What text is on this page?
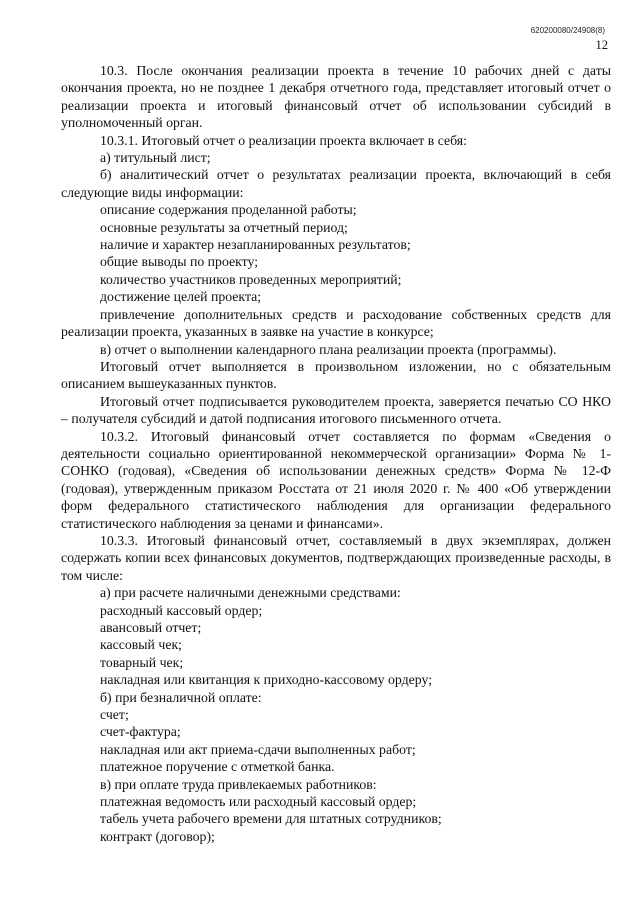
620200080/24908(8)
12

10.3. После окончания реализации проекта в течение 10 рабочих дней с даты окончания проекта, но не позднее 1 декабря отчетного года, представляет итоговый отчет о реализации проекта и итоговый финансовый отчет об использовании субсидий в уполномоченный орган.

10.3.1. Итоговый отчет о реализации проекта включает в себя:

а) титульный лист;

б) аналитический отчет о результатах реализации проекта, включающий в себя следующие виды информации:

описание содержания проделанной работы;

основные результаты за отчетный период;

наличие и характер незапланированных результатов;

общие выводы по проекту;

количество участников проведенных мероприятий;

достижение целей проекта;

привлечение дополнительных средств и расходование собственных средств для реализации проекта, указанных в заявке на участие в конкурсе;

в) отчет о выполнении календарного плана реализации проекта (программы).

Итоговый отчет выполняется в произвольном изложении, но с обязательным описанием вышеуказанных пунктов.

Итоговый отчет подписывается руководителем проекта, заверяется печатью СО НКО – получателя субсидий и датой подписания итогового письменного отчета.

10.3.2. Итоговый финансовый отчет составляется по формам «Сведения о деятельности социально ориентированной некоммерческой организации» Форма № 1-СОНКО (годовая), «Сведения об использовании денежных средств» Форма № 12-Ф (годовая), утвержденным приказом Росстата от 21 июля 2020 г. № 400 «Об утверждении форм федерального статистического наблюдения для организации федерального статистического наблюдения за ценами и финансами».

10.3.3. Итоговый финансовый отчет, составляемый в двух экземплярах, должен содержать копии всех финансовых документов, подтверждающих произведенные расходы, в том числе:

а) при расчете наличными денежными средствами:

расходный кассовый ордер;

авансовый отчет;

кассовый чек;

товарный чек;

накладная или квитанция к приходно-кассовому ордеру;

б) при безналичной оплате:

счет;

счет-фактура;

накладная или акт приема-сдачи выполненных работ;

платежное поручение с отметкой банка.

в) при оплате труда привлекаемых работников:

платежная ведомость или расходный кассовый ордер;

табель учета рабочего времени для штатных сотрудников;

контракт (договор);
